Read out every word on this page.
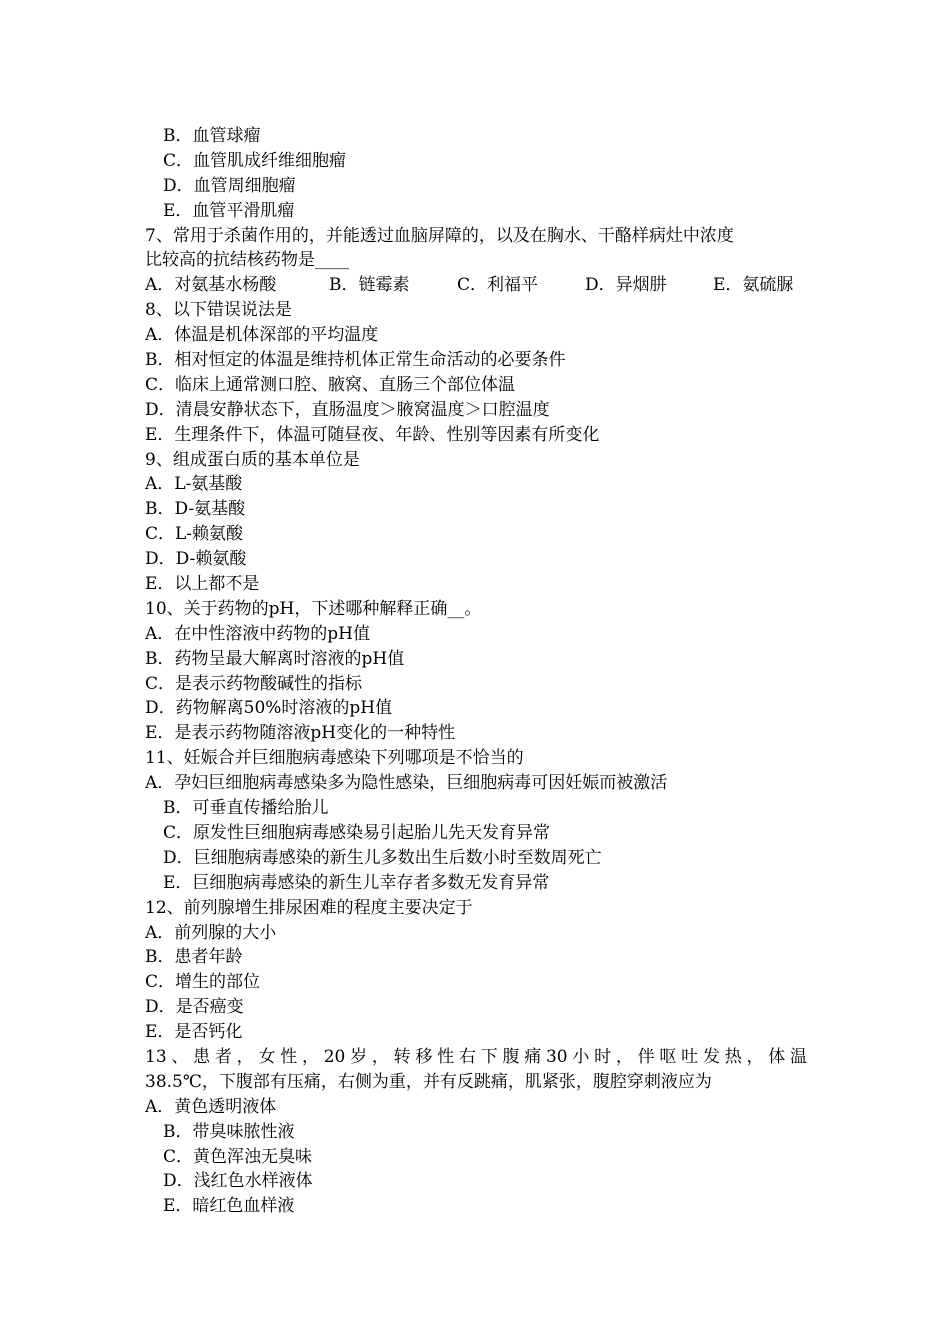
B．血管球瘤
C．血管肌成纤维细胞瘤
D．血管周细胞瘤
E．血管平滑肌瘤
7、常用于杀菌作用的，并能透过血脑屏障的，以及在胸水、干酪样病灶中浓度
比较高的抗结核药物是____
A．对氨基水杨酸	B．链霉素	C．利福平	D．异烟肼	E．氨硫脲
8、以下错误说法是
A．体温是机体深部的平均温度
B．相对恒定的体温是维持机体正常生命活动的必要条件
C．临床上通常测口腔、腋窝、直肠三个部位体温
D．清晨安静状态下，直肠温度＞腋窝温度＞口腔温度
E．生理条件下，体温可随昼夜、年龄、性别等因素有所变化
9、组成蛋白质的基本单位是
A．L-氨基酸
B．D-氨基酸
C．L-赖氨酸
D．D-赖氨酸
E．以上都不是
10、关于药物的pH，下述哪种解释正确__。
A．在中性溶液中药物的pH值
B．药物呈最大解离时溶液的pH值
C．是表示药物酸碱性的指标
D．药物解离50%时溶液的pH值
E．是表示药物随溶液pH变化的一种特性
11、妊娠合并巨细胞病毒感染下列哪项是不恰当的
A．孕妇巨细胞病毒感染多为隐性感染，巨细胞病毒可因妊娠而被激活
B．可垂直传播给胎儿
C．原发性巨细胞病毒感染易引起胎儿先天发育异常
D．巨细胞病毒感染的新生儿多数出生后数小时至数周死亡
E．巨细胞病毒感染的新生儿幸存者多数无发育异常
12、前列腺增生排尿困难的程度主要决定于
A．前列腺的大小
B．患者年龄
C．增生的部位
D．是否癌变
E．是否钙化
13、患者，女性，20岁，转移性右下腹痛30小时，伴呕吐发热，体温
38.5℃，下腹部有压痛，右侧为重，并有反跳痛，肌紧张，腹腔穿刺液应为
A．黄色透明液体
B．带臭味脓性液
C．黄色浑浊无臭味
D．浅红色水样液体
E．暗红色血样液
